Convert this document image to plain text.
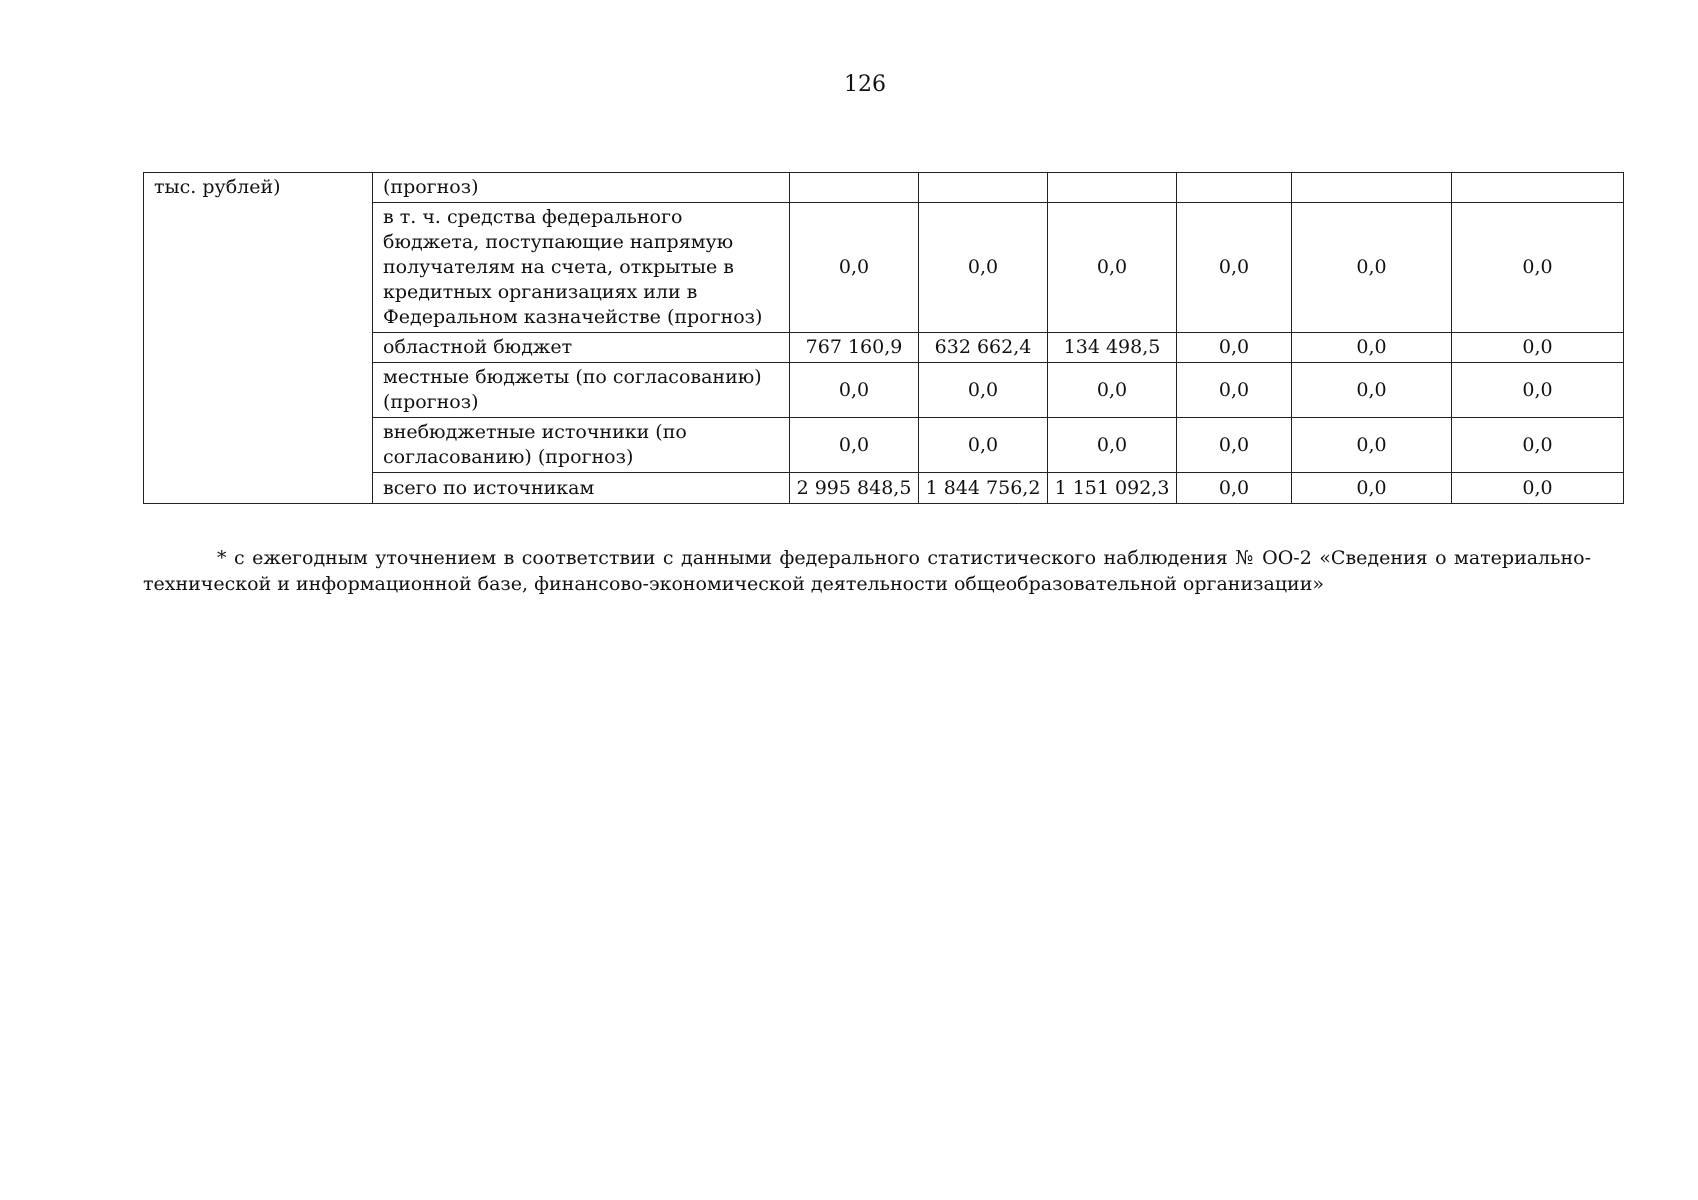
126
тыс. рублей)	(прогноз)						
	в т. ч. средства федерального бюджета, поступающие напрямую получателям на счета, открытые в кредитных организациях или в Федеральном казначействе (прогноз)	0,0	0,0	0,0	0,0	0,0	0,0
	областной бюджет	767 160,9	632 662,4	134 498,5	0,0	0,0	0,0
	местные бюджеты (по согласованию) (прогноз)	0,0	0,0	0,0	0,0	0,0	0,0
	внебюджетные источники (по согласованию) (прогноз)	0,0	0,0	0,0	0,0	0,0	0,0
	всего по источникам	2 995 848,5	1 844 756,2	1 151 092,3	0,0	0,0	0,0

* с ежегодным уточнением в соответствии с данными федерального статистического наблюдения № ОО-2 «Сведения о материально-технической и информационной базе, финансово-экономической деятельности общеобразовательной организации»
